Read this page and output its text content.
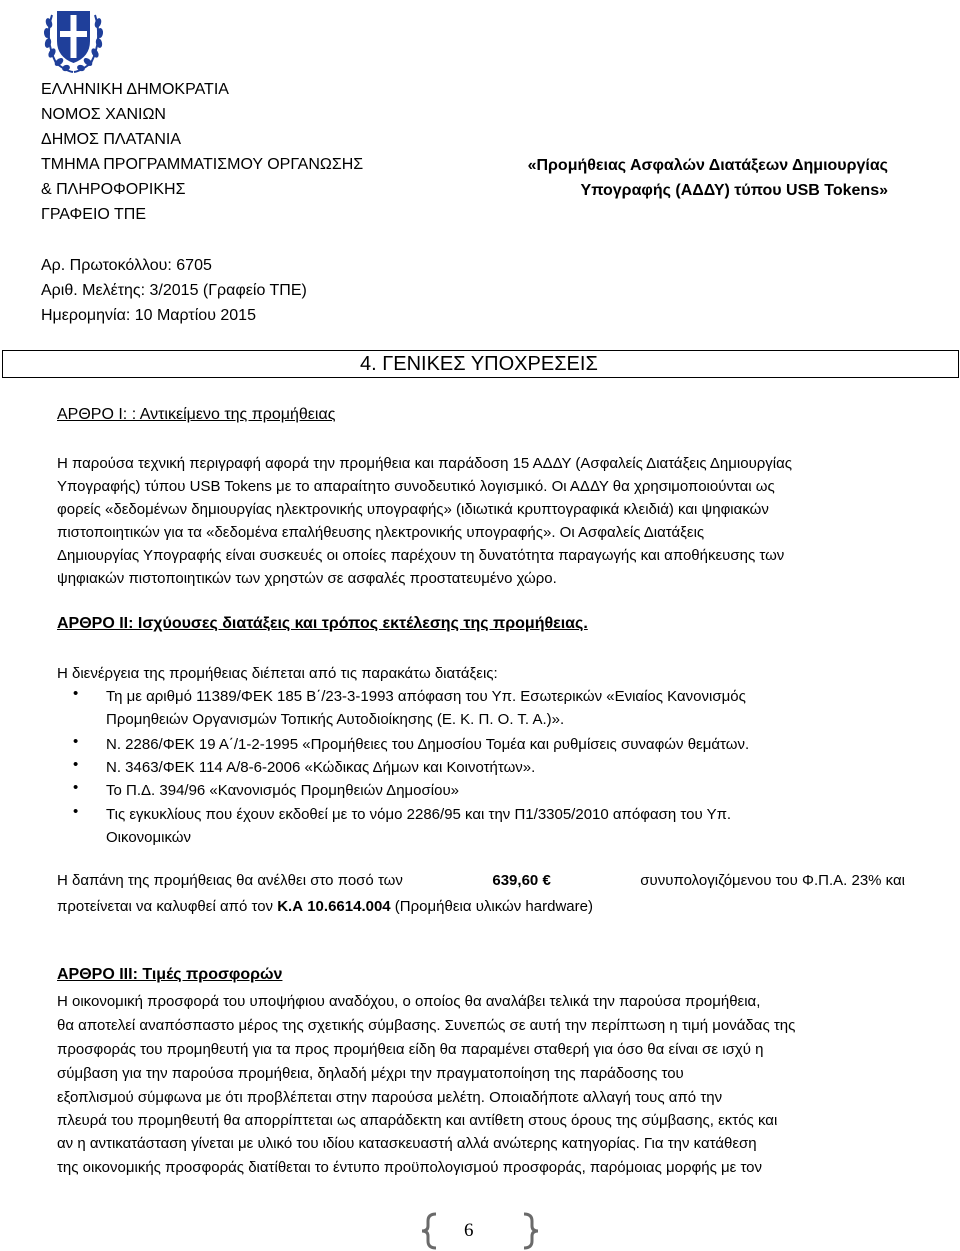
ΕΛΛΗΝΙΚΗ ΔΗΜΟΚΡΑΤΙΑ
ΝΟΜΟΣ ΧΑΝΙΩΝ
ΔΗΜΟΣ ΠΛΑΤΑΝΙΑ
ΤΜΗΜΑ ΠΡΟΓΡΑΜΜΑΤΙΣΜΟΥ ΟΡΓΑΝΩΣΗΣ
& ΠΛΗΡΟΦΟΡΙΚΗΣ
ΓΡΑΦΕΙΟ ΤΠΕ
«Προμήθειας Ασφαλών Διατάξεων Δημιουργίας
Υπογραφής (ΑΔΔΥ) τύπου USB Tokens»
Αρ. Πρωτοκόλλου: 6705
Αριθ. Μελέτης: 3/2015 (Γραφείο ΤΠΕ)
Ημερομηνία: 10 Μαρτίου 2015
4. ΓΕΝΙΚΕΣ ΥΠΟΧΡΕΣΕΙΣ
ΑΡΘΡΟ Ι: : Αντικείμενο της προμήθειας
Η παρούσα τεχνική περιγραφή αφορά την προμήθεια και παράδοση 15 ΑΔΔΥ (Ασφαλείς Διατάξεις Δημιουργίας
Υπογραφής) τύπου USB Tokens με το απαραίτητο συνοδευτικό λογισμικό. Οι ΑΔΔΥ θα χρησιμοποιούνται ως
φορείς «δεδομένων δημιουργίας ηλεκτρονικής υπογραφής» (ιδιωτικά κρυπτογραφικά κλειδιά) και ψηφιακών
πιστοποιητικών για τα «δεδομένα επαλήθευσης ηλεκτρονικής υπογραφής». Οι Ασφαλείς Διατάξεις
Δημιουργίας Υπογραφής είναι συσκευές οι οποίες παρέχουν τη δυνατότητα παραγωγής και αποθήκευσης των
ψηφιακών πιστοποιητικών των χρηστών σε ασφαλές προστατευμένο χώρο.
ΑΡΘΡΟ ΙΙ: Ισχύουσες διατάξεις και τρόπος εκτέλεσης της προμήθειας.
Η διενέργεια της προμήθειας διέπεται από τις παρακάτω διατάξεις:
• Τη με αριθμό 11389/ΦΕΚ 185 Β΄/23-3-1993 απόφαση του Υπ. Εσωτερικών «Ενιαίος Κανονισμός
Προμηθειών Οργανισμών Τοπικής Αυτοδιοίκησης (Ε. Κ. Π. Ο. Τ. Α.)».
• Ν. 2286/ΦΕΚ 19 Α΄/1-2-1995 «Προμήθειες του Δημοσίου Τομέα και ρυθμίσεις συναφών θεμάτων.
• Ν. 3463/ΦΕΚ 114 Α/8-6-2006 «Κώδικας Δήμων και Κοινοτήτων».
• Το Π.Δ. 394/96 «Κανονισμός Προμηθειών Δημοσίου»
• Τις εγκυκλίους που έχουν εκδοθεί με το νόμο 2286/95 και την Π1/3305/2010 απόφαση του Υπ.
Οικονομικών
Η δαπάνη της προμήθειας θα ανέλθει στο ποσό των	639,60 €	συνυπολογιζόμενου του Φ.Π.Α. 23% και
προτείνεται να καλυφθεί από τον Κ.Α 10.6614.004 (Προμήθεια υλικών hardware)
ΑΡΘΡΟ ΙΙΙ: Τιμές προσφορών
Η οικονομική προσφορά του υποψήφιου αναδόχου, ο οποίος θα αναλάβει τελικά την παρούσα προμήθεια,
θα αποτελεί αναπόσπαστο μέρος της σχετικής σύμβασης. Συνεπώς σε αυτή την περίπτωση η τιμή μονάδας της
προσφοράς του προμηθευτή για τα προς προμήθεια είδη θα παραμένει σταθερή για όσο θα είναι σε ισχύ η
σύμβαση για την παρούσα προμήθεια, δηλαδή μέχρι την πραγματοποίηση της παράδοσης του
εξοπλισμού σύμφωνα με ότι προβλέπεται στην παρούσα μελέτη. Οποιαδήποτε αλλαγή τους από την
πλευρά του προμηθευτή θα απορρίπτεται ως απαράδεκτη και αντίθετη στους όρους της σύμβασης, εκτός και
αν η αντικατάσταση γίνεται με υλικό του ιδίου κατασκευαστή αλλά ανώτερης κατηγορίας. Για την κατάθεση
της οικονομικής προσφοράς διατίθεται το έντυπο προϋπολογισμού προσφοράς, παρόμοιας μορφής με τον
6
